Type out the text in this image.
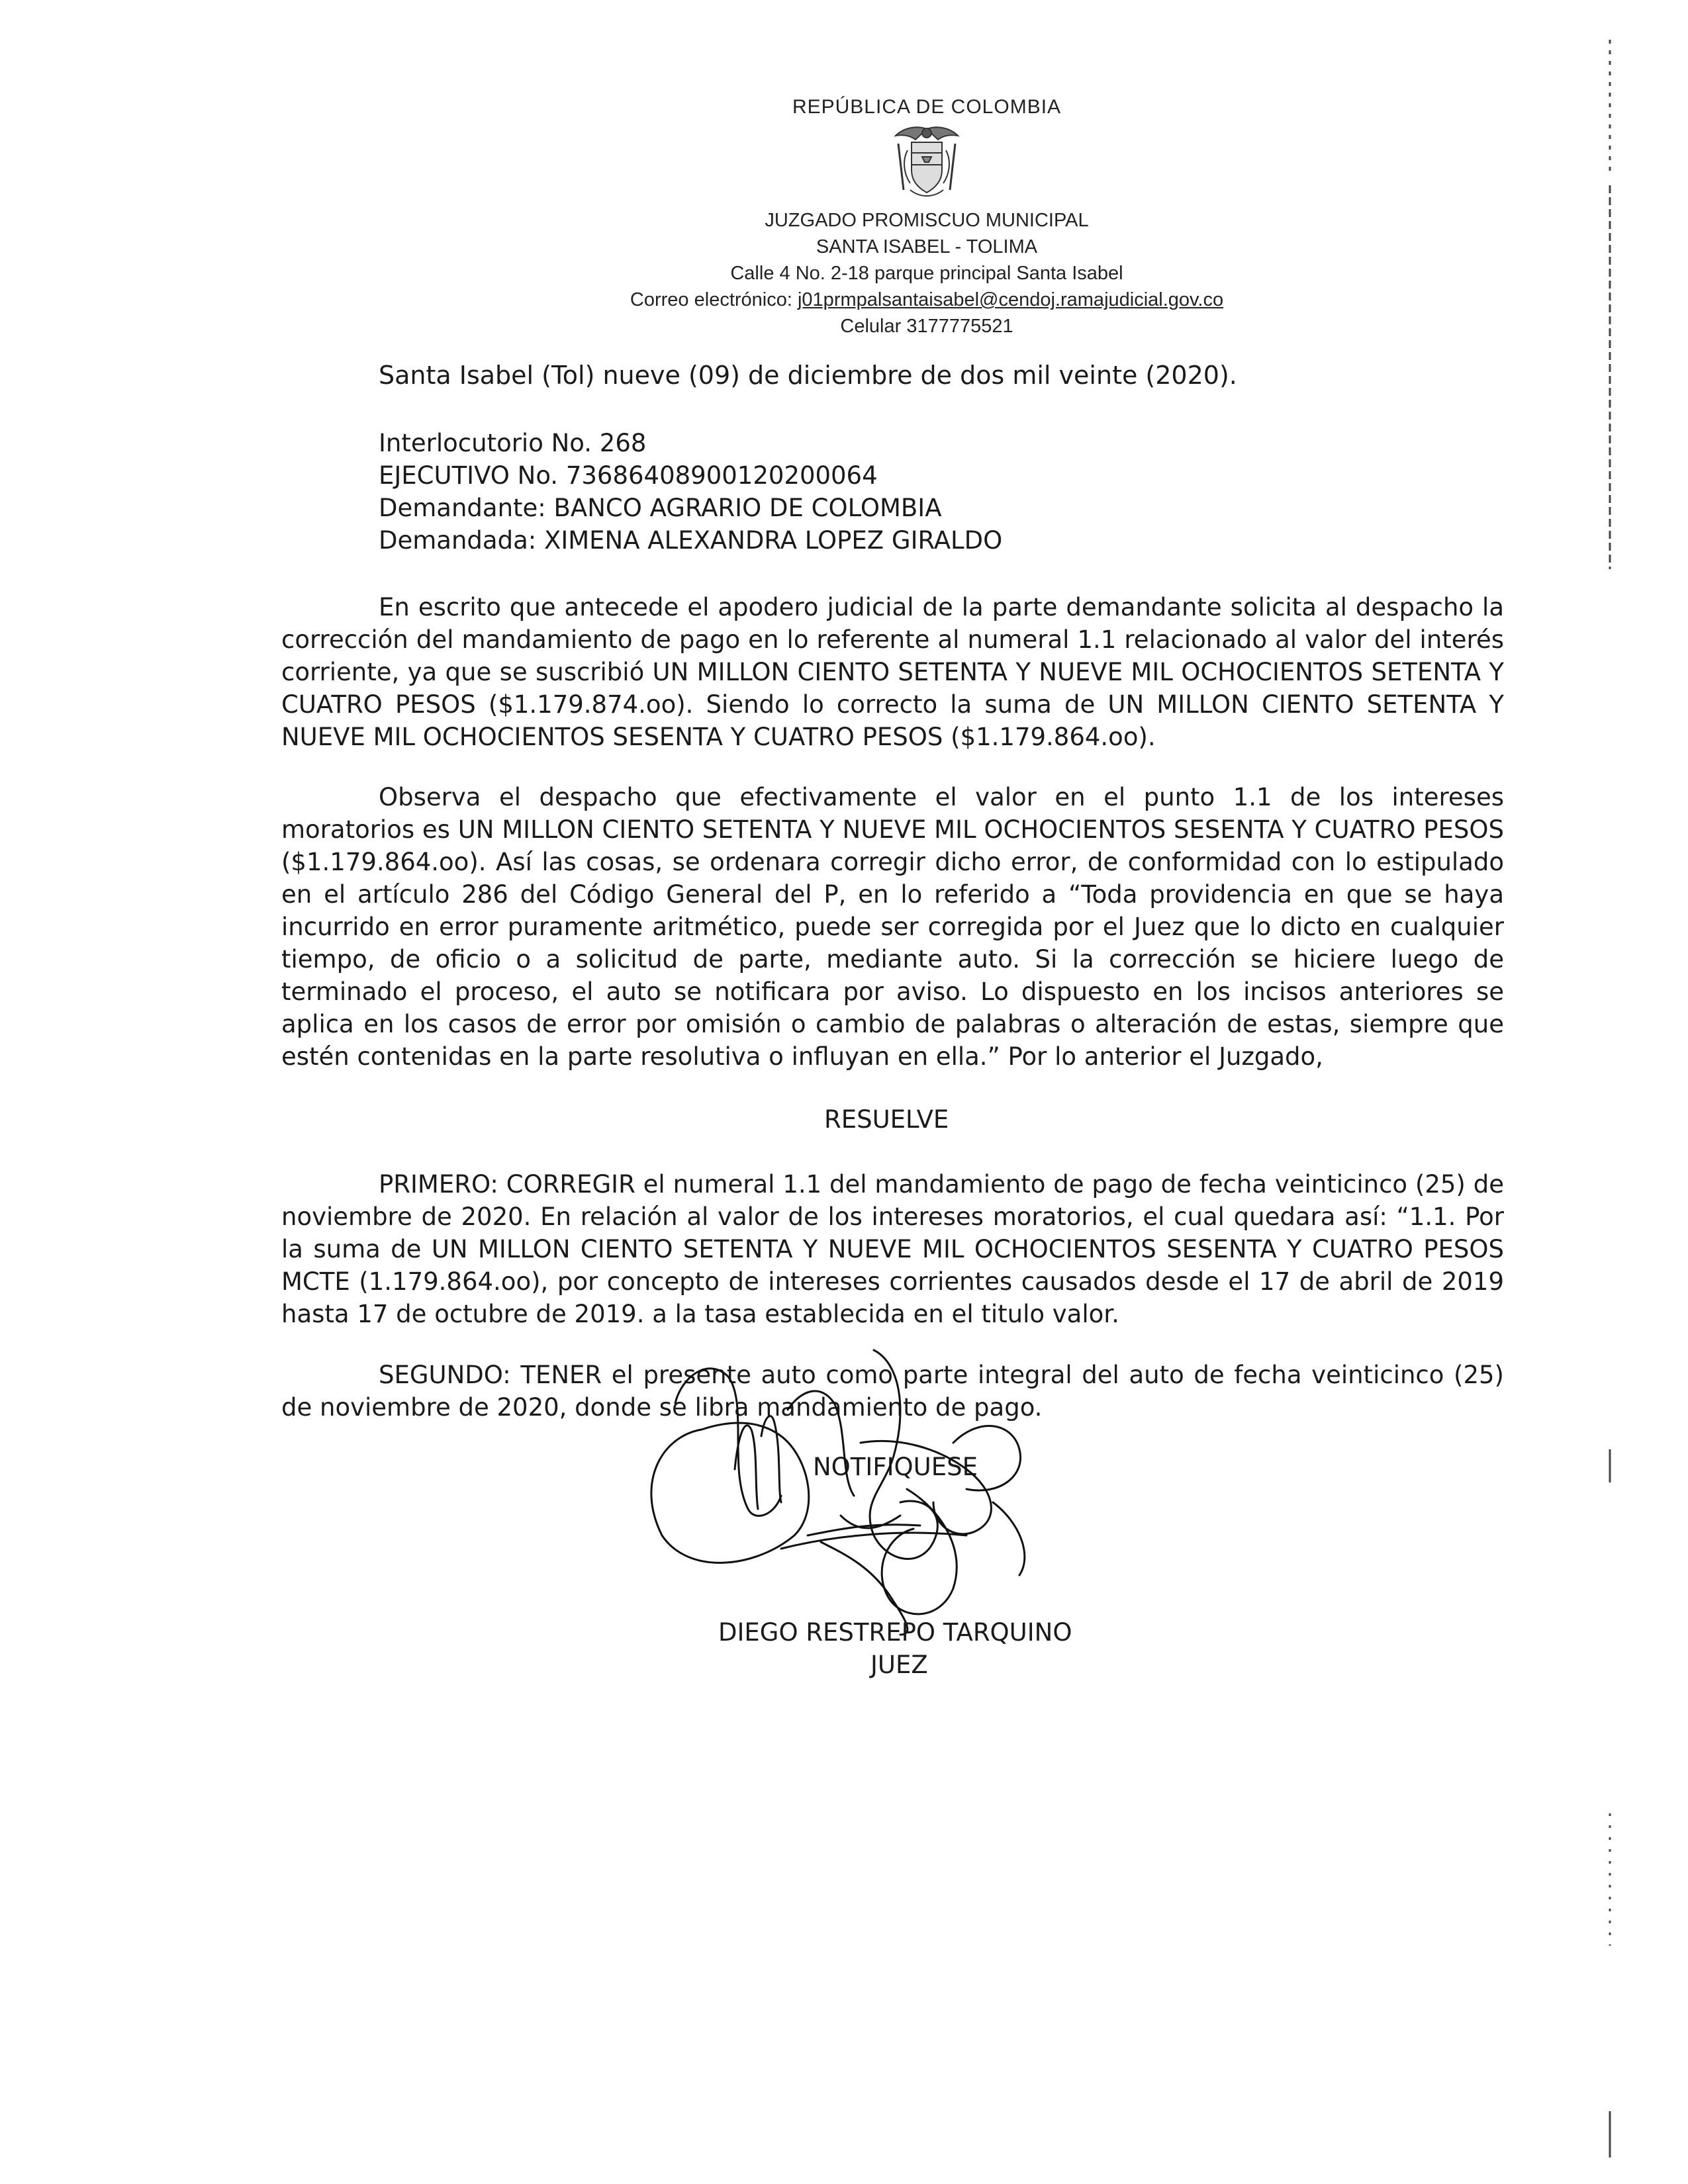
REPÚBLICA DE COLOMBIA
JUZGADO PROMISCUO MUNICIPAL
SANTA ISABEL - TOLIMA
Calle 4 No. 2-18 parque principal Santa Isabel
Correo electrónico: j01prmpalsantaisabel@cendoj.ramajudicial.gov.co
Celular 3177775521
Santa Isabel (Tol) nueve (09) de diciembre de dos mil veinte (2020).
Interlocutorio No. 268
EJECUTIVO No. 73686408900120200064
Demandante: BANCO AGRARIO DE COLOMBIA
Demandada: XIMENA ALEXANDRA LOPEZ GIRALDO

En escrito que antecede el apodero judicial de la parte demandante solicita al despacho la corrección del mandamiento de pago en lo referente al numeral 1.1 relacionado al valor del interés corriente, ya que se suscribió UN MILLON CIENTO SETENTA Y NUEVE MIL OCHOCIENTOS SETENTA Y CUATRO PESOS ($1.179.874.oo). Siendo lo correcto la suma de UN MILLON CIENTO SETENTA Y NUEVE MIL OCHOCIENTOS SESENTA Y CUATRO PESOS ($1.179.864.oo).

Observa el despacho que efectivamente el valor en el punto 1.1 de los intereses moratorios es UN MILLON CIENTO SETENTA Y NUEVE MIL OCHOCIENTOS SESENTA Y CUATRO PESOS ($1.179.864.oo). Así las cosas, se ordenara corregir dicho error, de conformidad con lo estipulado en el artículo 286 del Código General del P, en lo referido a “Toda providencia en que se haya incurrido en error puramente aritmético, puede ser corregida por el Juez que lo dicto en cualquier tiempo, de oficio o a solicitud de parte, mediante auto. Si la corrección se hiciere luego de terminado el proceso, el auto se notificara por aviso. Lo dispuesto en los incisos anteriores se aplica en los casos de error por omisión o cambio de palabras o alteración de estas, siempre que estén contenidas en la parte resolutiva o influyan en ella.” Por lo anterior el Juzgado,

RESUELVE

PRIMERO: CORREGIR el numeral 1.1 del mandamiento de pago de fecha veinticinco (25) de noviembre de 2020. En relación al valor de los intereses moratorios, el cual quedara así: “1.1. Por la suma de UN MILLON CIENTO SETENTA Y NUEVE MIL OCHOCIENTOS SESENTA Y CUATRO PESOS MCTE (1.179.864.oo), por concepto de intereses corrientes causados desde el 17 de abril de 2019 hasta 17 de octubre de 2019. a la tasa establecida en el titulo valor.

SEGUNDO: TENER el presente auto como parte integral del auto de fecha veinticinco (25) de noviembre de 2020, donde se libra mandamiento de pago.

NOTIFIQUESE
DIEGO RESTREPO TARQUINO
JUEZ
